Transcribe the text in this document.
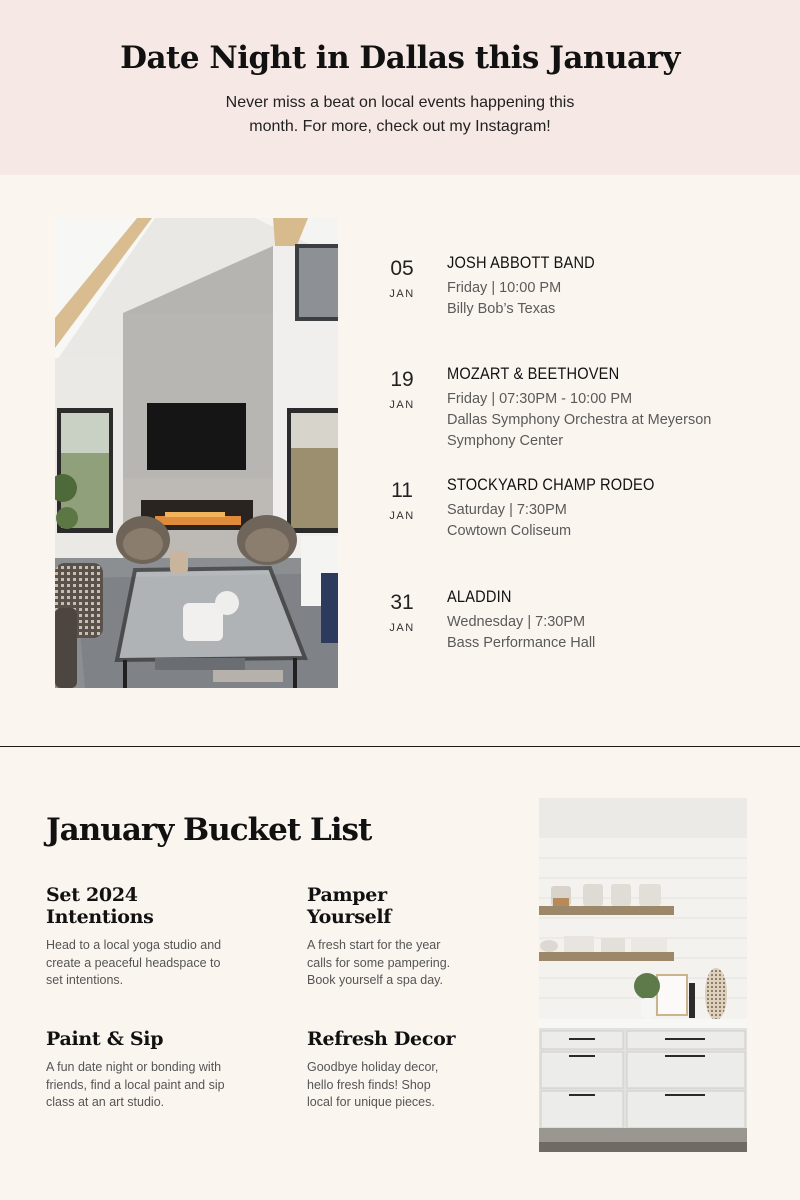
Date Night in Dallas this January

Never miss a beat on local events happening this month. For more, check out my Instagram!

05
JAN
JOSH ABBOTT BAND
Friday | 10:00 PM
Billy Bob’s Texas
19
JAN
MOZART & BEETHOVEN
Friday | 07:30PM - 10:00 PM
Dallas Symphony Orchestra at Meyerson Symphony Center
11
JAN
STOCKYARD CHAMP RODEO
Saturday | 7:30PM
Cowtown Coliseum
31
JAN
ALADDIN
Wednesday | 7:30PM
Bass Performance Hall
January Bucket List
Set 2024 Intentions
Head to a local yoga studio and create a peaceful headspace to set intentions.
Pamper Yourself
A fresh start for the year calls for some pampering. Book yourself a spa day.
Paint & Sip
A fun date night or bonding with friends, find a local paint and sip class at an art studio.
Refresh Decor
Goodbye holiday decor, hello fresh finds! Shop local for unique pieces.
